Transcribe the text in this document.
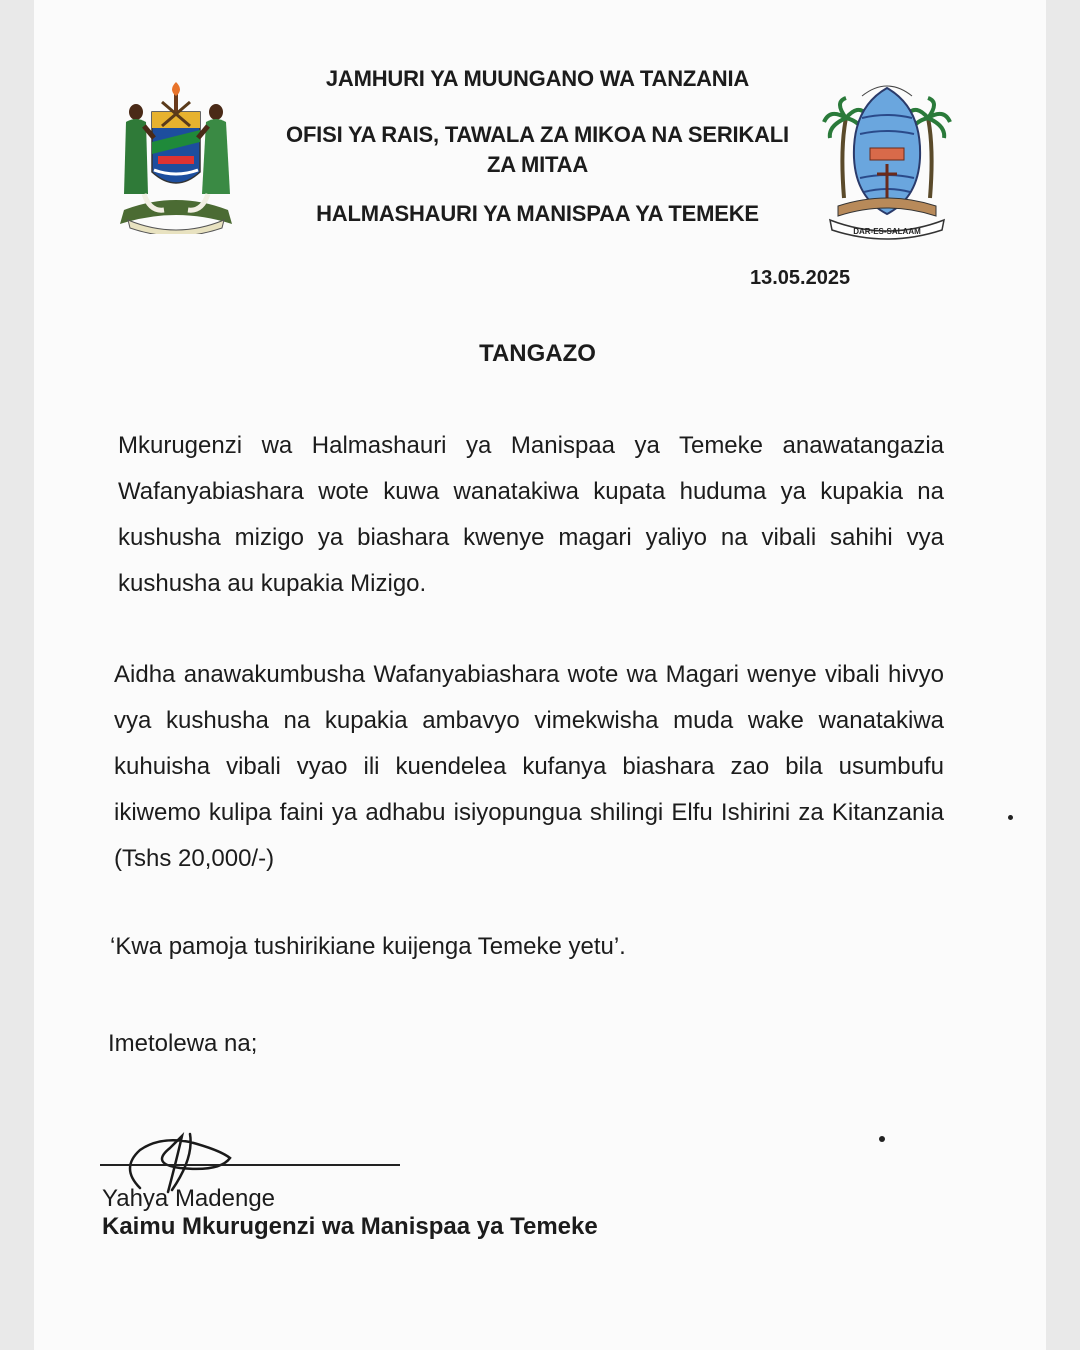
JAMHURI YA MUUNGANO WA TANZANIA
OFISI YA RAIS, TAWALA ZA MIKOA NA SERIKALI
ZA MITAA
HALMASHAURI YA MANISPAA YA TEMEKE
DAR-ES-SALAAM
13.05.2025
TANGAZO
Mkurugenzi wa Halmashauri ya Manispaa ya Temeke anawatangazia Wafanyabiashara wote kuwa wanatakiwa kupata huduma ya kupakia na kushusha mizigo ya biashara kwenye magari yaliyo na vibali sahihi vya kushusha au kupakia Mizigo.
Aidha anawakumbusha Wafanyabiashara wote wa Magari wenye vibali hivyo vya kushusha na kupakia ambavyo vimekwisha muda wake wanatakiwa kuhuisha vibali vyao ili kuendelea kufanya biashara zao bila usumbufu ikiwemo kulipa faini ya adhabu isiyopungua shilingi Elfu Ishirini za Kitanzania (Tshs 20,000/-)
‘Kwa pamoja tushirikiane kuijenga Temeke yetu’.
Imetolewa na;
Yahya Madenge
Kaimu Mkurugenzi wa Manispaa ya Temeke
